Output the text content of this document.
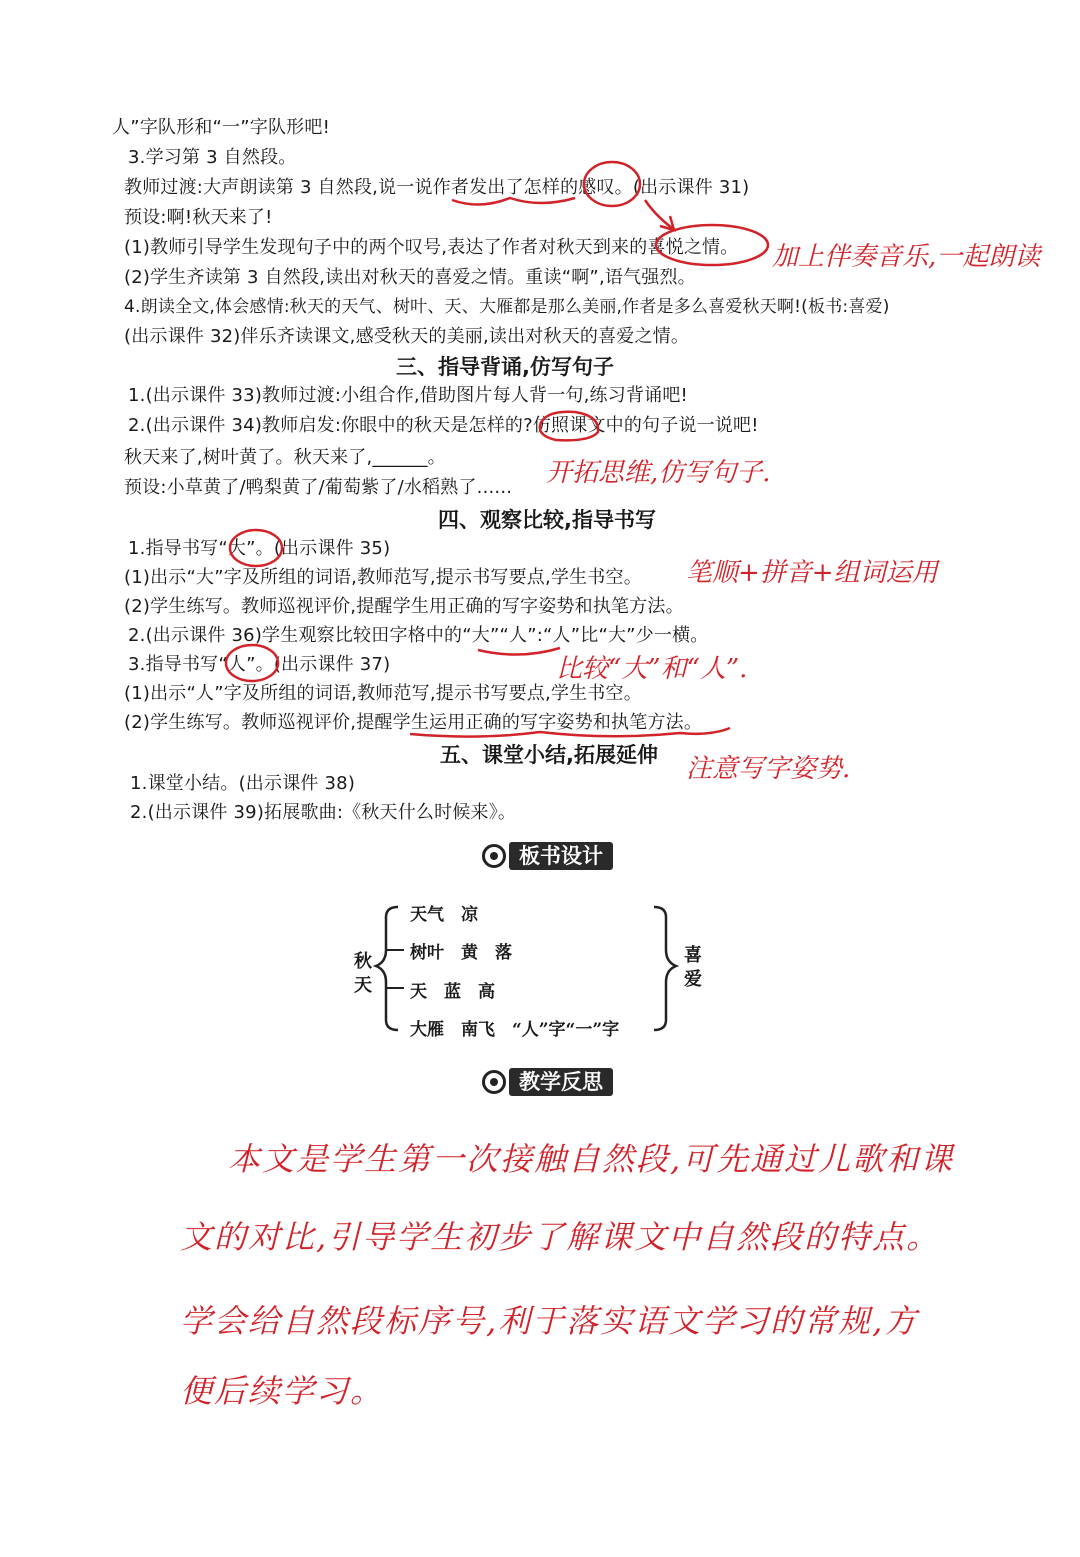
人”字队形和“一”字队形吧!
3.学习第 3 自然段。
教师过渡:大声朗读第 3 自然段,说一说作者发出了怎样的感叹。(出示课件 31)
预设:啊!秋天来了!
(1)教师引导学生发现句子中的两个叹号,表达了作者对秋天到来的喜悦之情。
(2)学生齐读第 3 自然段,读出对秋天的喜爱之情。重读“啊”,语气强烈。
4.朗读全文,体会感情:秋天的天气、树叶、天、大雁都是那么美丽,作者是多么喜爱秋天啊!(板书:喜爱)
(出示课件 32)伴乐齐读课文,感受秋天的美丽,读出对秋天的喜爱之情。
三、指导背诵,仿写句子
1.(出示课件 33)教师过渡:小组合作,借助图片每人背一句,练习背诵吧!
2.(出示课件 34)教师启发:你眼中的秋天是怎样的?仿照课文中的句子说一说吧!
秋天来了,树叶黄了。秋天来了,______。
预设:小草黄了/鸭梨黄了/葡萄紫了/水稻熟了......
四、观察比较,指导书写
1.指导书写“大”。(出示课件 35)
(1)出示“大”字及所组的词语,教师范写,提示书写要点,学生书空。
(2)学生练写。教师巡视评价,提醒学生用正确的写字姿势和执笔方法。
2.(出示课件 36)学生观察比较田字格中的“大”“人”:“人”比“大”少一横。
3.指导书写“人”。(出示课件 37)
(1)出示“人”字及所组的词语,教师范写,提示书写要点,学生书空。
(2)学生练写。教师巡视评价,提醒学生运用正确的写字姿势和执笔方法。
五、课堂小结,拓展延伸
1.课堂小结。(出示课件 38)
2.(出示课件 39)拓展歌曲:《秋天什么时候来》。
板书设计
秋
天
喜
爱
天气　凉
树叶　黄　落
天　蓝　高
大雁　南飞　“人”字“一”字
教学反思
加上伴奏音乐,一起朗读
开拓思维,仿写句子.
笔顺+拼音+组词运用
比较“大”和“人”.
注意写字姿势.
本文是学生第一次接触自然段,可先通过儿歌和课
文的对比,引导学生初步了解课文中自然段的特点。
学会给自然段标序号,利于落实语文学习的常规,方
便后续学习。
